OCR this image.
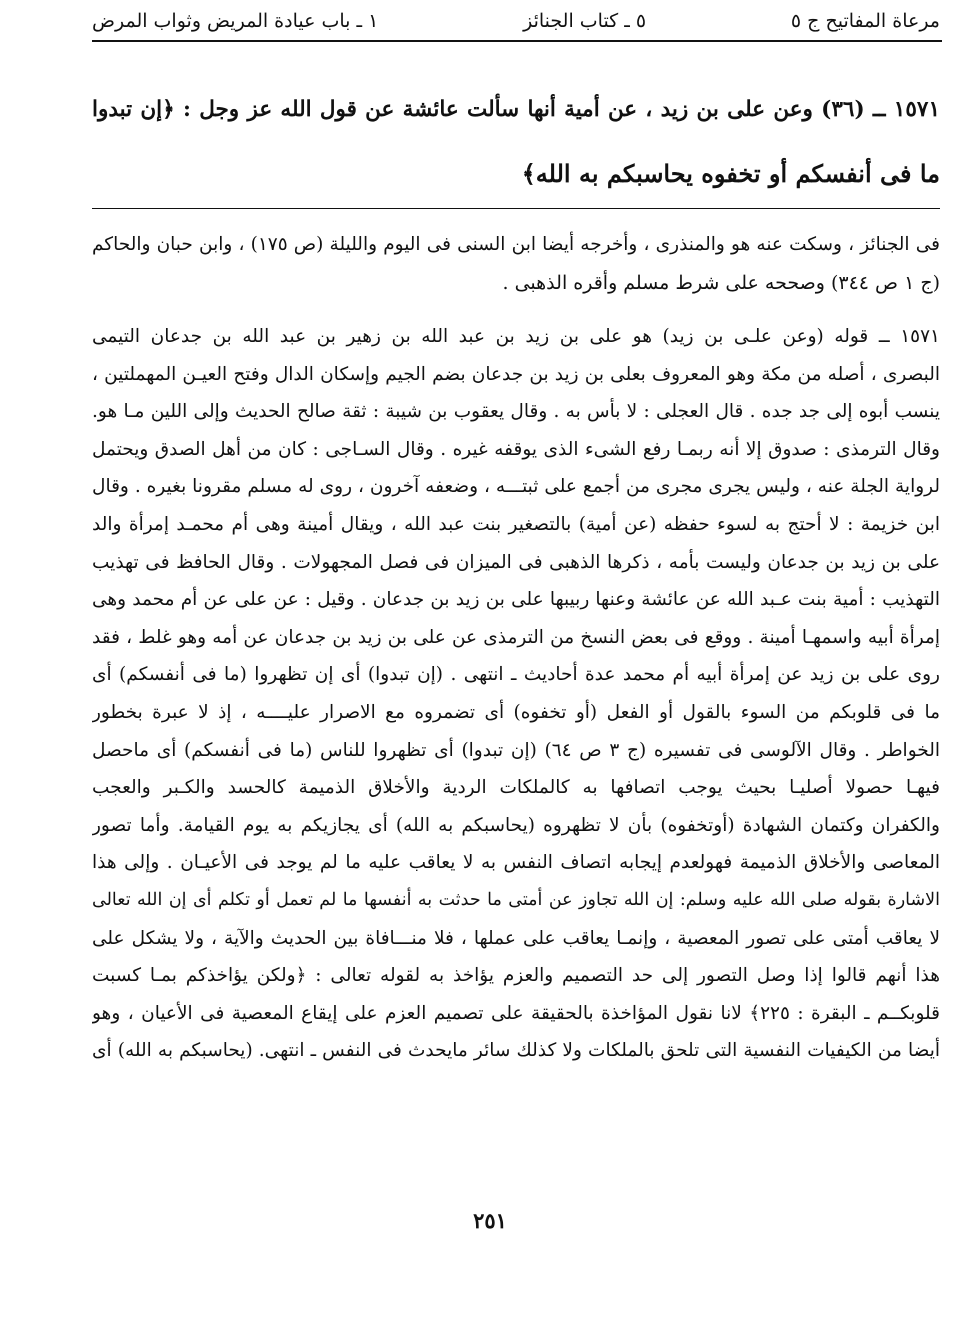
مرعاة المفاتيح ج ٥
٥ ـ كتاب الجنائز
١ ـ باب عيادة المريض وثواب المرض
١٥٧١ ــ (٣٦) وعن على بن زيد ، عن أمية أنها سألت عائشة عن قول الله عز وجل : ﴿إن تبدوا
ما فى أنفسكم أو تخفوه يحاسبكم به الله﴾
فى الجنائز ، وسكت عنه هو والمنذرى ، وأخرجه أيضا ابن السنى فى اليوم والليلة (ص ١٧٥) ، وابن حبان والحاكم
(ج ١ ص ٣٤٤) وصححه على شرط مسلم وأقره الذهبى .
١٥٧١ ــ قوله (وعن علـى بن زيد) هو على بن زيد بن عبد الله بن زهير بن عبد الله بن جدعان التيمى
البصرى ، أصله من مكة وهو المعروف بعلى بن زيد بن جدعان بضم الجيم وإسكان الدال وفتح العيـن المهملتين ،
ينسب أبوه إلى جد جده . قال العجلى : لا بأس به . وقال يعقوب بن شيبة : ثقة صالح الحديث وإلى اللين مـا هو.
وقال الترمذى : صدوق إلا أنه ربمـا رفع الشىء الذى يوقفه غيره . وقال السـاجى : كان من أهل الصدق ويحتمل
لرواية الجلة عنه ، وليس يجرى مجرى من أجمع على ثبتـــه ، وضعفه آخرون ، روى له مسلم مقرونا بغيره . وقال
ابن خزيمة : لا أحتج به لسوء حفظه (عن أمية) بالتصغير بنت عبد الله ، ويقال أمينة وهى أم محمـد إمرأة والد
على بن زيد بن جدعان وليست بأمه ، ذكرها الذهبى فى الميزان فى فصل المجهولات . وقال الحافظ فى تهذيب
التهذيب : أمية بنت عـبد الله عن عائشة وعنها ربيبها على بن زيد بن جدعان . وقيل : عن على عن أم محمد وهى
إمرأة أبيه واسمهـا أمينة . ووقع فى بعض النسخ من الترمذى عن على بن زيد بن جدعان عن أمه وهو غلط ، فقد
روى على بن زيد عن إمرأة أبيه أم محمد عدة أحاديث ـ انتهى . (إن تبدوا) أى إن تظهروا (ما فى أنفسكم) أى
ما فى قلوبكم من السوء بالقول أو الفعل (أو تخفوه) أى تضمروه مع الاصرار عليــــه ، إذ لا عبرة بخطور
الخواطر . وقال الآلوسى فى تفسيره (ج ٣ ص ٦٤) (إن تبدوا) أى تظهروا للناس (ما فى أنفسكم) أى ماحصل
فيهـا حصولا أصليـا بحيث يوجب اتصافها به كالملكات الردية والأخلاق الذميمة كالحسد والكـبر والعجب
والكفران وكتمان الشهادة (أوتخفوه) بأن لا تظهروه (يحاسبكم به الله) أى يجازيكم به يوم القيامة. وأما تصور
المعاصى والأخلاق الذميمة فهولعدم إيجابه اتصاف النفس به لا يعاقب عليه ما لم يوجد فى الأعيـان . وإلى هذا
الاشارة بقوله صلى الله عليه وسلم: إن الله تجاوز عن أمتى ما حدثت به أنفسها ما لم تعمل أو تكلم أى إن الله تعالى
لا يعاقب أمتى على تصور المعصية ، وإنمـا يعاقب على عملها ، فلا منـــافاة بين الحديث والآية ، ولا يشكل على
هذا أنهم قالوا إذا وصل التصور إلى حد التصميم والعزم يؤاخذ به لقوله تعالى : ﴿ولكن يؤاخذكم بمـا كسبت
قلوبكــم ـ البقرة : ٢٢٥﴾ لانا نقول المؤاخذة بالحقيقة على تصميم العزم على إيقاع المعصية فى الأعيان ، وهو
أيضا من الكيفيات النفسية التى تلحق بالملكات ولا كذلك سائر مايحدث فى النفس ـ انتهى. (يحاسبكم به الله) أى
٢٥١
